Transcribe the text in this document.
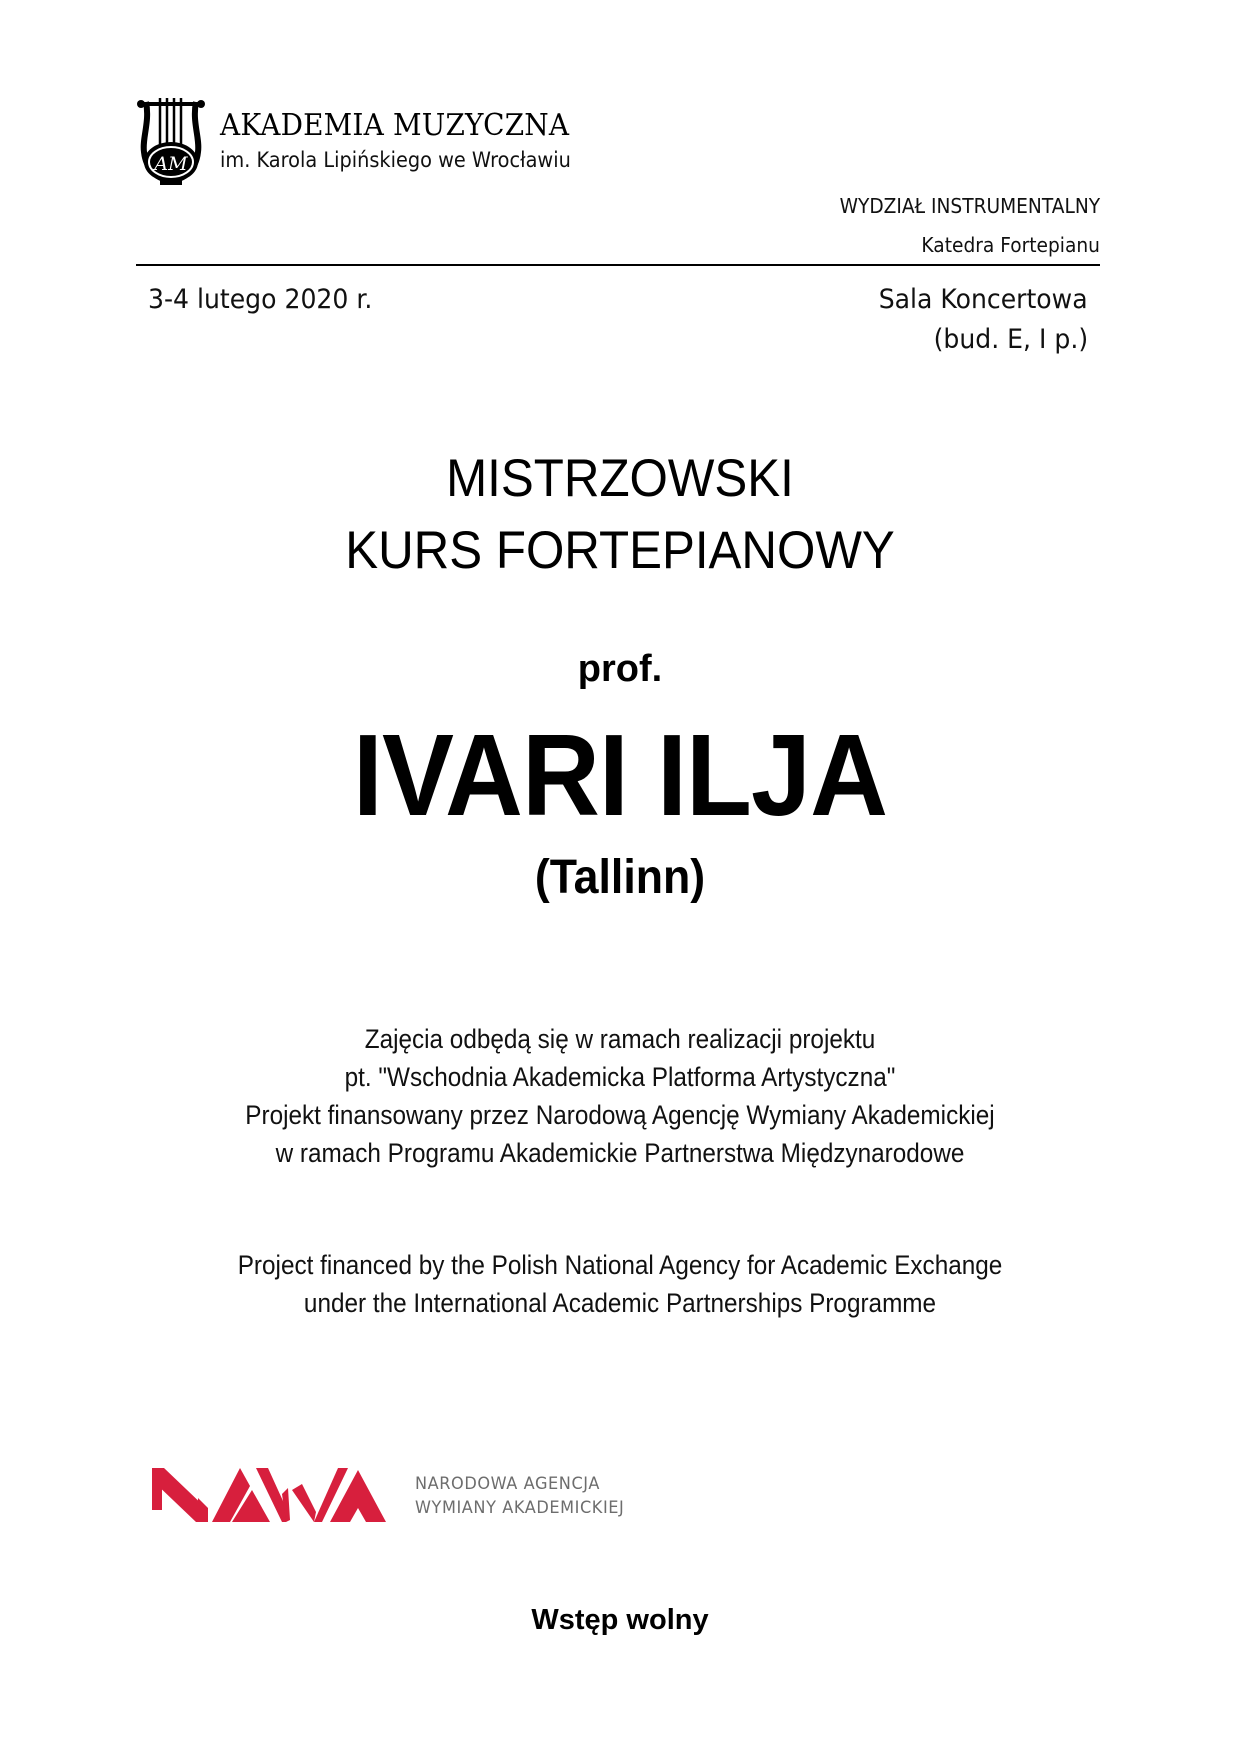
AM
AKADEMIA MUZYCZNA
im. Karola Lipińskiego we Wrocławiu
WYDZIAŁ INSTRUMENTALNY
Katedra Fortepianu
3-4 lutego 2020 r.	Sala Koncertowa
(bud. E, I p.)
MISTRZOWSKI
KURS FORTEPIANOWY
prof.
IVARI ILJA
(Tallinn)
Zajęcia odbędą się w ramach realizacji projektu
pt. "Wschodnia Akademicka Platforma Artystyczna"
Projekt finansowany przez Narodową Agencję Wymiany Akademickiej
w ramach Programu Akademickie Partnerstwa Międzynarodowe
Project financed by the Polish National Agency for Academic Exchange
under the International Academic Partnerships Programme
NARODOWA AGENCJA
WYMIANY AKADEMICKIEJ
Wstęp wolny
